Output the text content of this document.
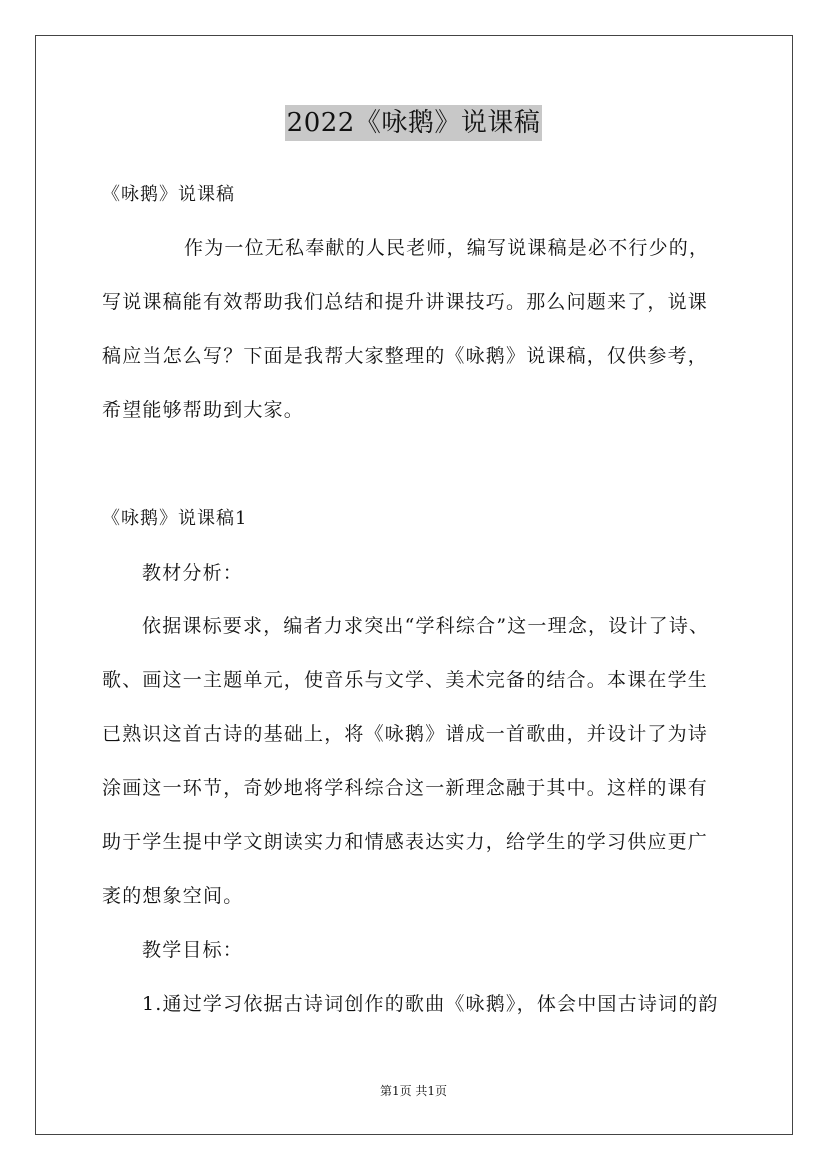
2022《咏鹅》说课稿
《咏鹅》说课稿
作为一位无私奉献的人民老师，编写说课稿是必不行少的，
写说课稿能有效帮助我们总结和提升讲课技巧。那么问题来了，说课
稿应当怎么写？下面是我帮大家整理的《咏鹅》说课稿，仅供参考，
希望能够帮助到大家。
《咏鹅》说课稿1
教材分析：
依据课标要求，编者力求突出“学科综合”这一理念，设计了诗、
歌、画这一主题单元，使音乐与文学、美术完备的结合。本课在学生
已熟识这首古诗的基础上，将《咏鹅》谱成一首歌曲，并设计了为诗
涂画这一环节，奇妙地将学科综合这一新理念融于其中。这样的课有
助于学生提中学文朗读实力和情感表达实力，给学生的学习供应更广
袤的想象空间。
教学目标：
1.通过学习依据古诗词创作的歌曲《咏鹅》，体会中国古诗词的韵
第1页 共1页
